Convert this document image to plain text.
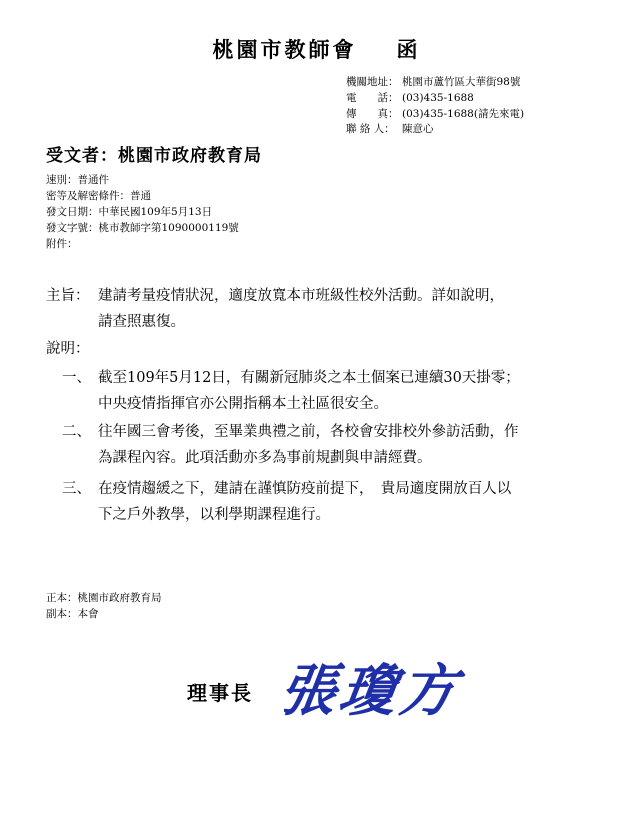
桃園市教師會 函
機關地址： 桃園市蘆竹區大華街98號
電　　話： (03)435-1688
傳　　真： (03)435-1688(請先來電)
聯 絡 人： 陳意心
受文者：桃園市政府教育局
速別：普通件
密等及解密條件：普通
發文日期：中華民國109年5月13日
發文字號：桃市教師字第1090000119號
附件：
主旨： 建請考量疫情狀況，適度放寬本市班級性校外活動。詳如說明，
請查照惠復。
說明：
一、 截至109年5月12日，有關新冠肺炎之本土個案已連續30天掛零；
中央疫情指揮官亦公開指稱本土社區很安全。
二、 往年國三會考後，至畢業典禮之前，各校會安排校外參訪活動，作
為課程內容。此項活動亦多為事前規劃與申請經費。
三、 在疫情趨緩之下，建請在謹慎防疫前提下，　貴局適度開放百人以
下之戶外教學，以利學期課程進行。
正本：桃園市政府教育局
副本：本會
理事長 張瓊方
